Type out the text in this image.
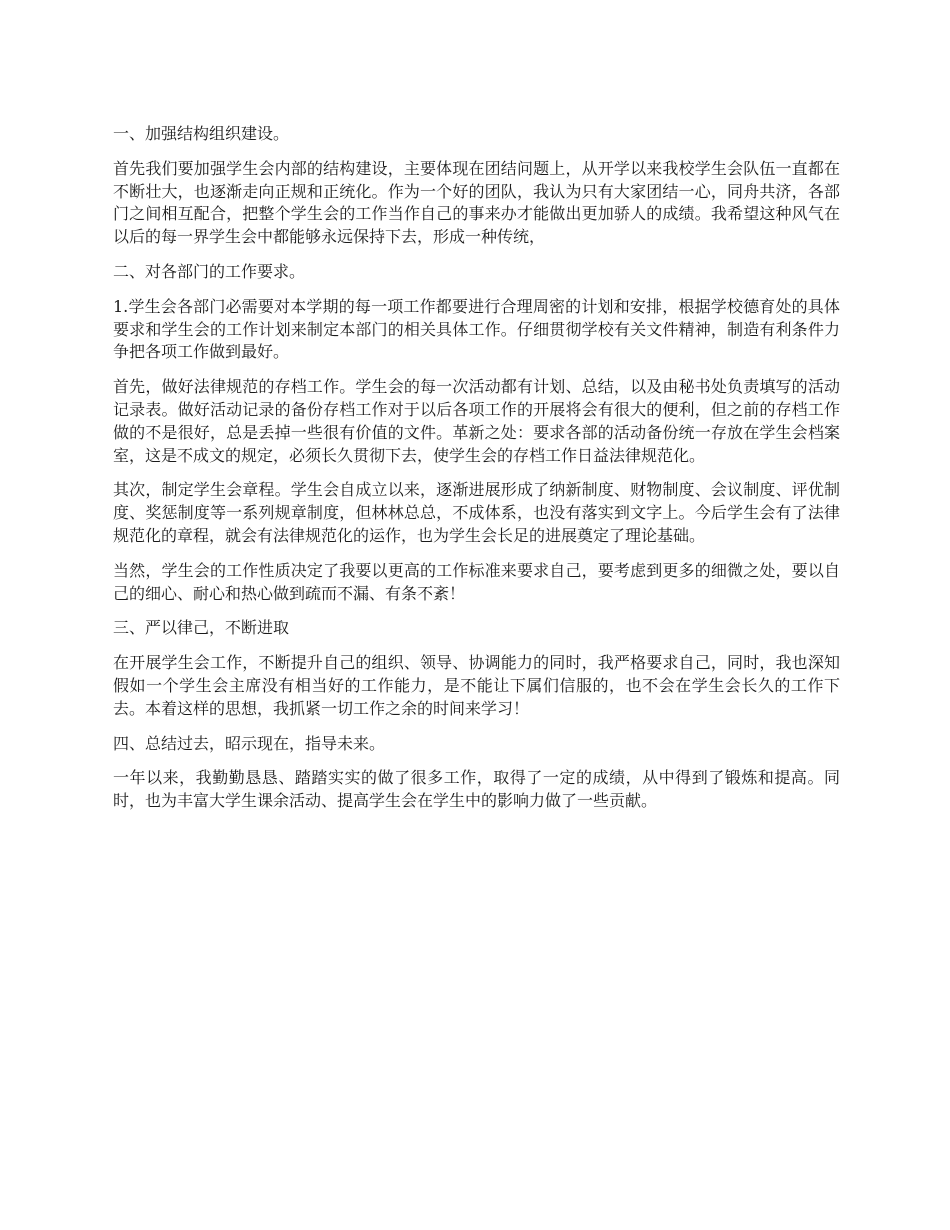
一、加强结构组织建设。

首先我们要加强学生会内部的结构建设，主要体现在团结问题上，从开学以来我校学生会队伍一直都在不断壮大，也逐渐走向正规和正统化。作为一个好的团队，我认为只有大家团结一心，同舟共济，各部门之间相互配合，把整个学生会的工作当作自己的事来办才能做出更加骄人的成绩。我希望这种风气在以后的每一界学生会中都能够永远保持下去，形成一种传统，

二、对各部门的工作要求。

1.学生会各部门必需要对本学期的每一项工作都要进行合理周密的计划和安排，根据学校德育处的具体要求和学生会的工作计划来制定本部门的相关具体工作。仔细贯彻学校有关文件精神，制造有利条件力争把各项工作做到最好。

首先，做好法律规范的存档工作。学生会的每一次活动都有计划、总结，以及由秘书处负责填写的活动记录表。做好活动记录的备份存档工作对于以后各项工作的开展将会有很大的便利，但之前的存档工作做的不是很好，总是丢掉一些很有价值的文件。革新之处：要求各部的活动备份统一存放在学生会档案室，这是不成文的规定，必须长久贯彻下去，使学生会的存档工作日益法律规范化。

其次，制定学生会章程。学生会自成立以来，逐渐进展形成了纳新制度、财物制度、会议制度、评优制度、奖惩制度等一系列规章制度，但林林总总，不成体系，也没有落实到文字上。今后学生会有了法律规范化的章程，就会有法律规范化的运作，也为学生会长足的进展奠定了理论基础。

当然，学生会的工作性质决定了我要以更高的工作标准来要求自己，要考虑到更多的细微之处，要以自己的细心、耐心和热心做到疏而不漏、有条不紊！

三、严以律己，不断进取

在开展学生会工作，不断提升自己的组织、领导、协调能力的同时，我严格要求自己，同时，我也深知假如一个学生会主席没有相当好的工作能力，是不能让下属们信服的，也不会在学生会长久的工作下去。本着这样的思想，我抓紧一切工作之余的时间来学习！

四、总结过去，昭示现在，指导未来。

一年以来，我勤勤恳恳、踏踏实实的做了很多工作，取得了一定的成绩，从中得到了锻炼和提高。同时，也为丰富大学生课余活动、提高学生会在学生中的影响力做了一些贡献。
